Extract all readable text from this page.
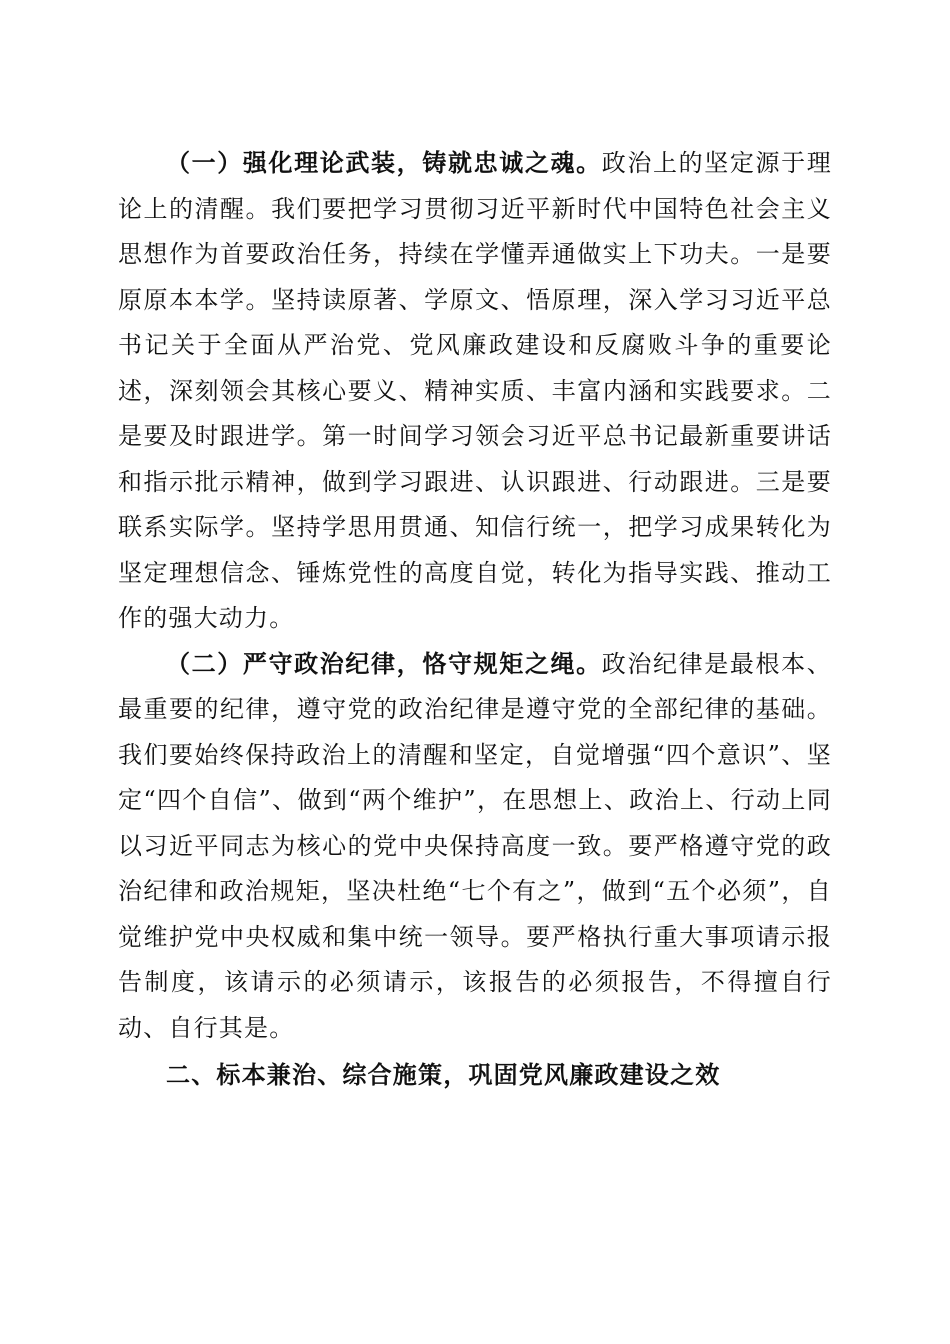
（一）强化理论武装，铸就忠诚之魂。政治上的坚定源于理论上的清醒。我们要把学习贯彻习近平新时代中国特色社会主义思想作为首要政治任务，持续在学懂弄通做实上下功夫。一是要原原本本学。坚持读原著、学原文、悟原理，深入学习习近平总书记关于全面从严治党、党风廉政建设和反腐败斗争的重要论述，深刻领会其核心要义、精神实质、丰富内涵和实践要求。二是要及时跟进学。第一时间学习领会习近平总书记最新重要讲话和指示批示精神，做到学习跟进、认识跟进、行动跟进。三是要联系实际学。坚持学思用贯通、知信行统一，把学习成果转化为坚定理想信念、锤炼党性的高度自觉，转化为指导实践、推动工作的强大动力。

（二）严守政治纪律，恪守规矩之绳。政治纪律是最根本、最重要的纪律，遵守党的政治纪律是遵守党的全部纪律的基础。我们要始终保持政治上的清醒和坚定，自觉增强“四个意识”、坚定“四个自信”、做到“两个维护”，在思想上、政治上、行动上同以习近平同志为核心的党中央保持高度一致。要严格遵守党的政治纪律和政治规矩，坚决杜绝“七个有之”，做到“五个必须”，自觉维护党中央权威和集中统一领导。要严格执行重大事项请示报告制度，该请示的必须请示，该报告的必须报告，不得擅自行动、自行其是。

二、标本兼治、综合施策，巩固党风廉政建设之效
